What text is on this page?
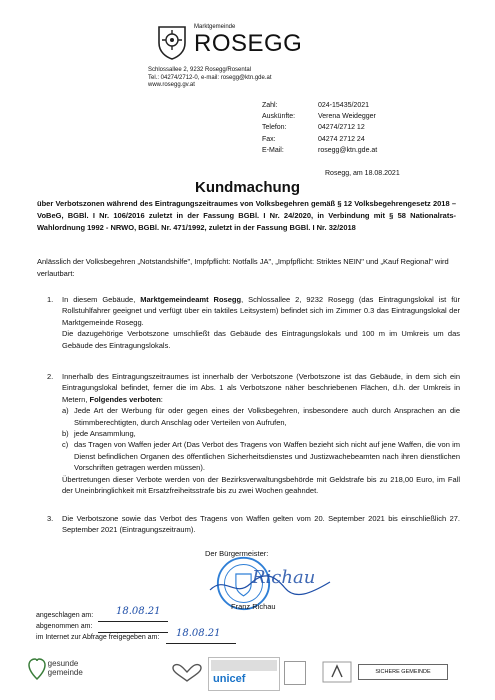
Marktgemeinde
ROSEGG
Schlossallee 2, 9232 Rosegg/Rosental
Tel.: 04274/2712-0, e-mail: rosegg@ktn.gde.at
www.rosegg.gv.at
Zahl:	024-15435/2021
Auskünfte:	Verena Weidegger
Telefon:	04274/2712 12
Fax:	04274 2712 24
E-Mail:	rosegg@ktn.gde.at
Rosegg, am 18.08.2021
Kundmachung
über Verbotszonen während des Eintragungszeitraumes von Volksbegehren gemäß § 12 Volksbegehrengesetz 2018 – VoBeG, BGBl. I Nr. 106/2016 zuletzt in der Fassung BGBl. I Nr. 24/2020, in Verbindung mit § 58 Nationalrats-Wahlordnung 1992 - NRWO, BGBl. Nr. 471/1992, zuletzt in der Fassung BGBl. I Nr. 32/2018
Anlässlich der Volksbegehren „Notstandshilfe", Impfpflicht: Notfalls JA", „Impfpflicht: Striktes NEIN" und „Kauf Regional" wird verlautbart:
1. In diesem Gebäude, Marktgemeindeamt Rosegg, Schlossallee 2, 9232 Rosegg (das Eintragungslokal ist für Rollstuhlfahrer geeignet und verfügt über ein taktiles Leitsystem) befindet sich im Zimmer 0.3 das Eintragungslokal der Marktgemeinde Rosegg.
Die dazugehörige Verbotszone umschließt das Gebäude des Eintragungslokals und 100 m im Umkreis um das Gebäude des Eintragungslokals.
2. Innerhalb des Eintragungszeitraumes ist innerhalb der Verbotszone (Verbotszone ist das Gebäude, in dem sich ein Eintragungslokal befindet, ferner die im Abs. 1 als Verbotszone näher beschriebenen Flächen, d.h. der Umkreis in Metern, Folgendes verboten:
a) Jede Art der Werbung für oder gegen eines der Volksbegehren, insbesondere auch durch Ansprachen an die Stimmberechtigten, durch Anschlag oder Verteilen von Aufrufen,
b) jede Ansammlung,
c) das Tragen von Waffen jeder Art (Das Verbot des Tragens von Waffen bezieht sich nicht auf jene Waffen, die von im Dienst befindlichen Organen des öffentlichen Sicherheitsdienstes und Justizwachebeamten nach ihren dienstlichen Vorschriften getragen werden müssen).
Übertretungen dieser Verbote werden von der Bezirksverwaltungsbehörde mit Geldstrafe bis zu 218,00 Euro, im Fall der Uneinbringlichkeit mit Ersatzfreiheitsstrafe bis zu zwei Wochen geahndet.
3. Die Verbotszone sowie das Verbot des Tragens von Waffen gelten vom 20. September 2021 bis einschließlich 27. September 2021 (Eintragungszeitraum).
Der Bürgermeister:
Richau
Franz Richau
angeschlagen am: 18.08.21
abgenommen am:
im Internet zur Abfrage freigegeben am: 18.08.21
gesunde
gemeinde
unicef
SICHERE GEMEINDE
